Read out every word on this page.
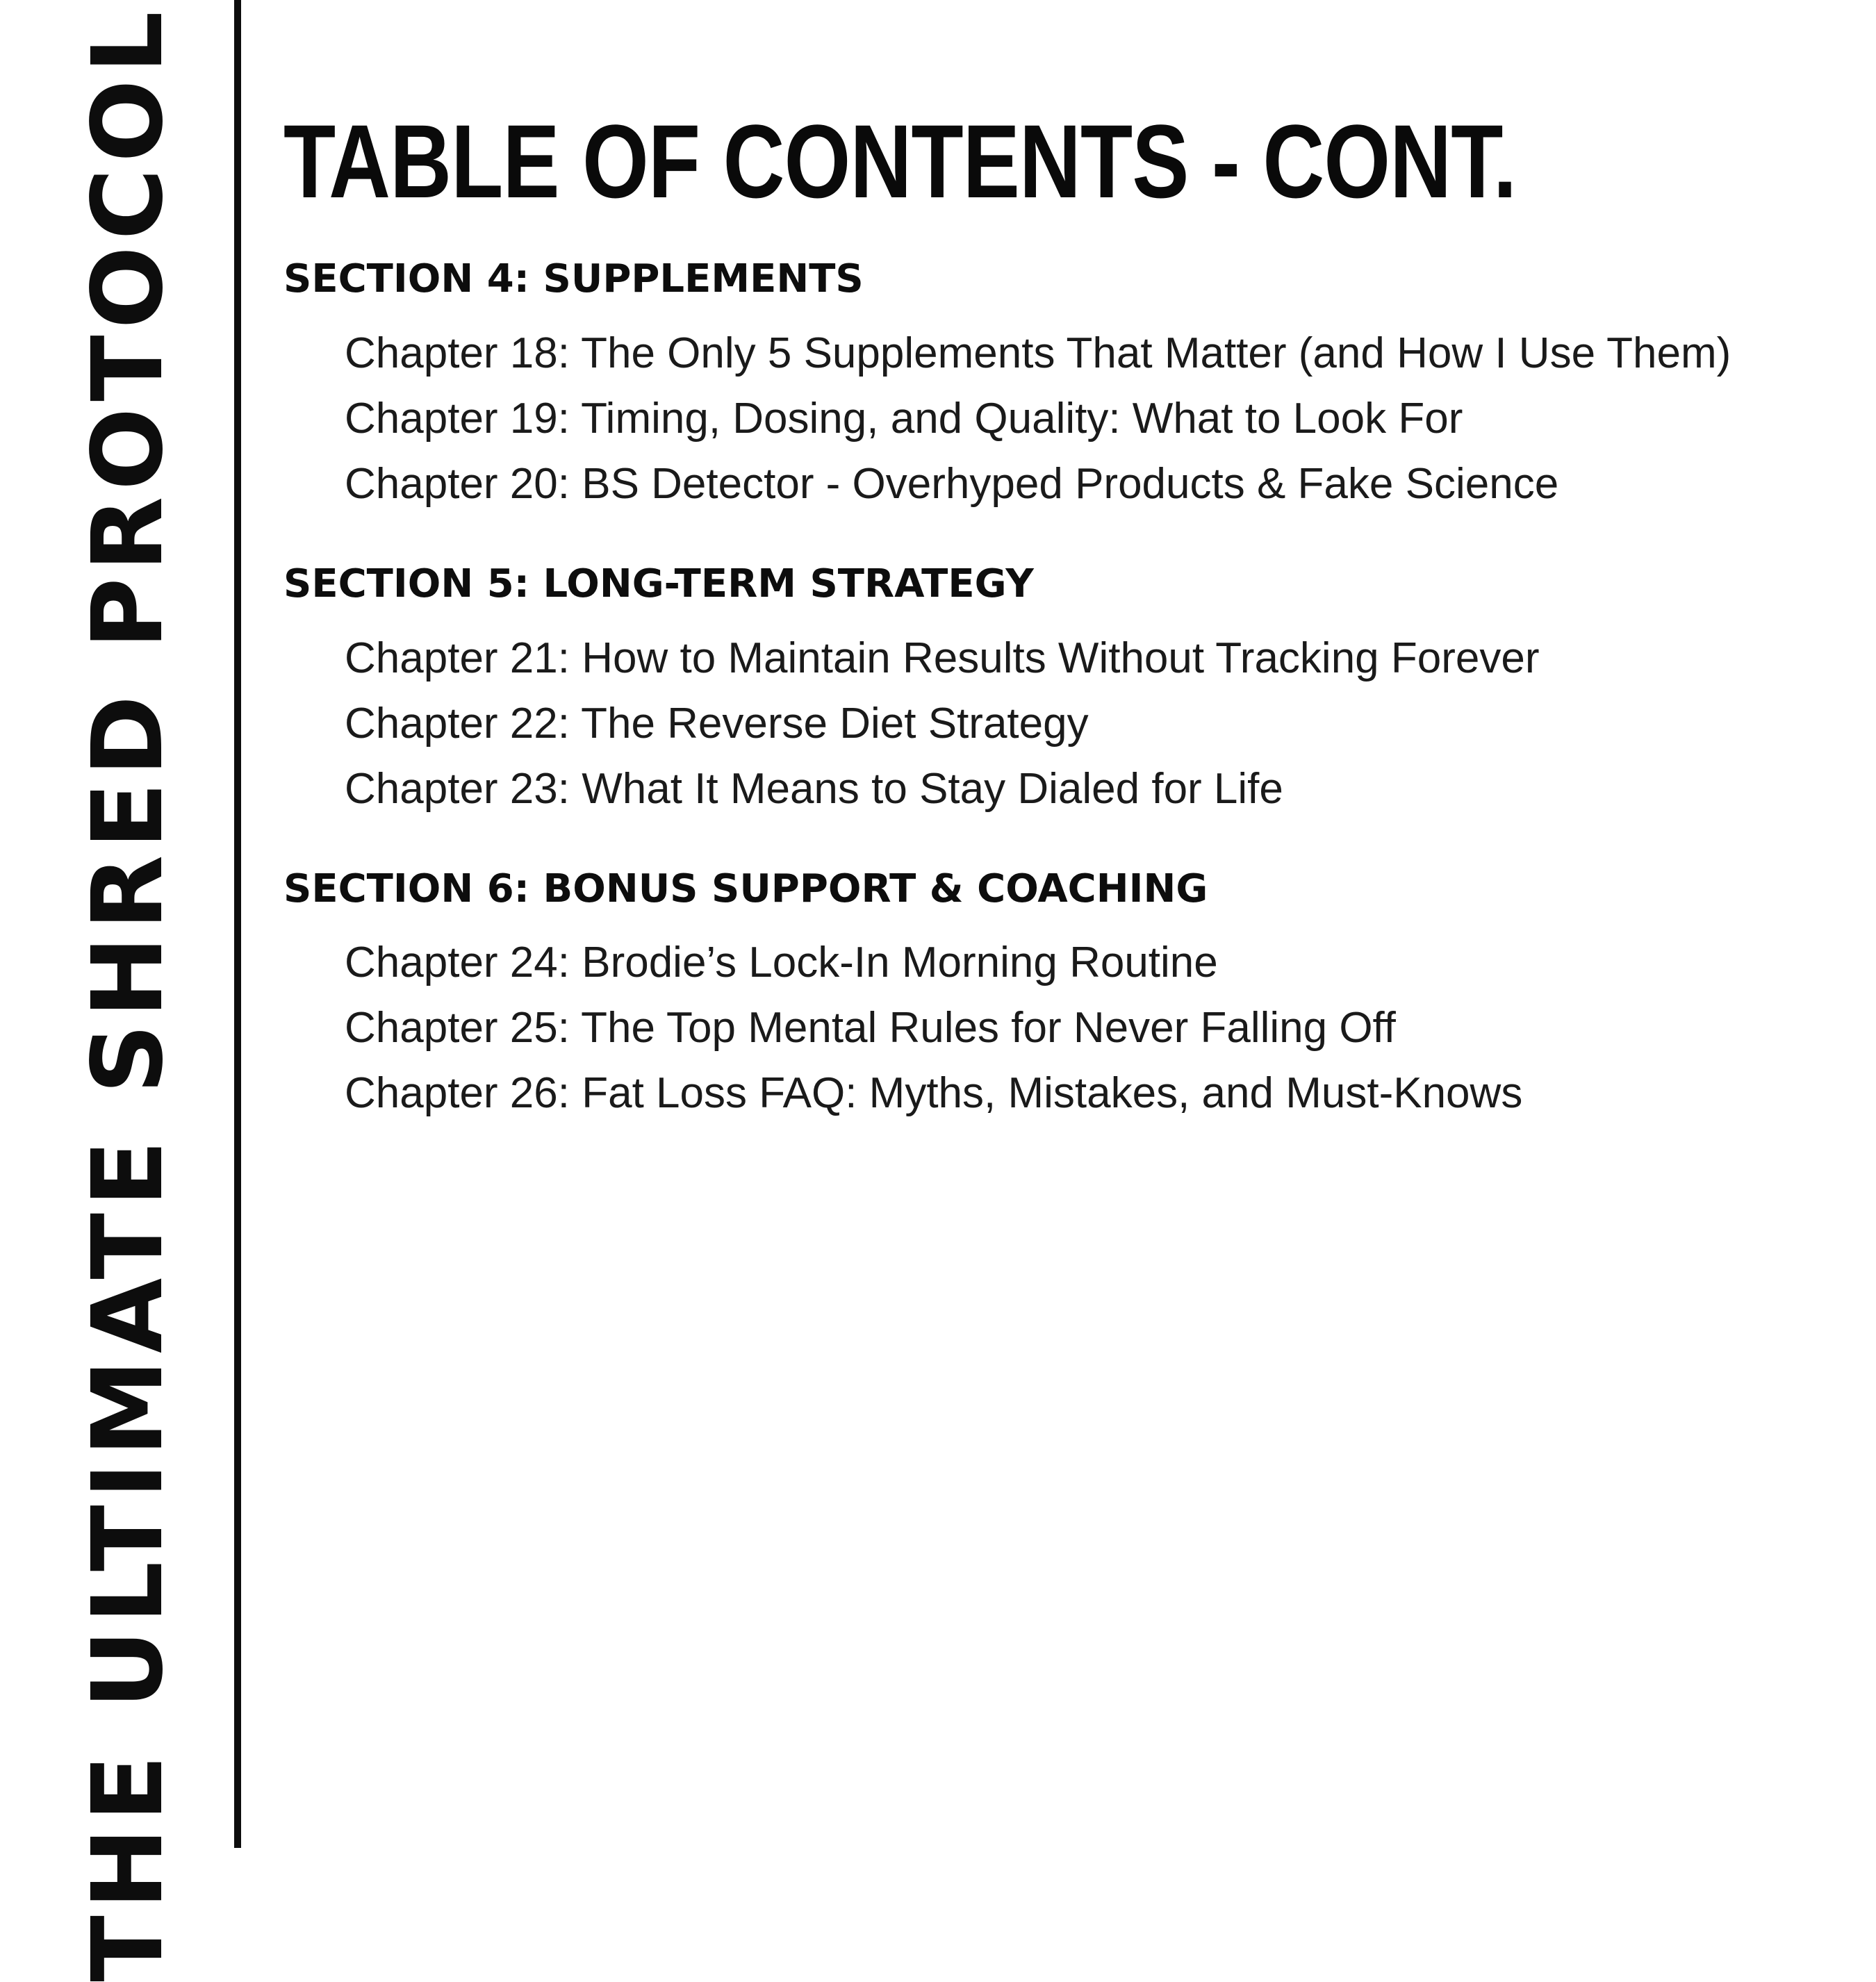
THE ULTIMATE SHRED PROTOCOL TABLE OF CONTENTS - CONT.
SECTION 4: SUPPLEMENTS
Chapter 18: The Only 5 Supplements That Matter (and How I Use Them)
Chapter 19: Timing, Dosing, and Quality: What to Look For
Chapter 20: BS Detector - Overhyped Products & Fake Science
SECTION 5: LONG-TERM STRATEGY
Chapter 21: How to Maintain Results Without Tracking Forever
Chapter 22: The Reverse Diet Strategy
Chapter 23: What It Means to Stay Dialed for Life
SECTION 6: BONUS SUPPORT & COACHING
Chapter 24: Brodie’s Lock-In Morning Routine
Chapter 25: The Top Mental Rules for Never Falling Off
Chapter 26: Fat Loss FAQ: Myths, Mistakes, and Must-Knows
